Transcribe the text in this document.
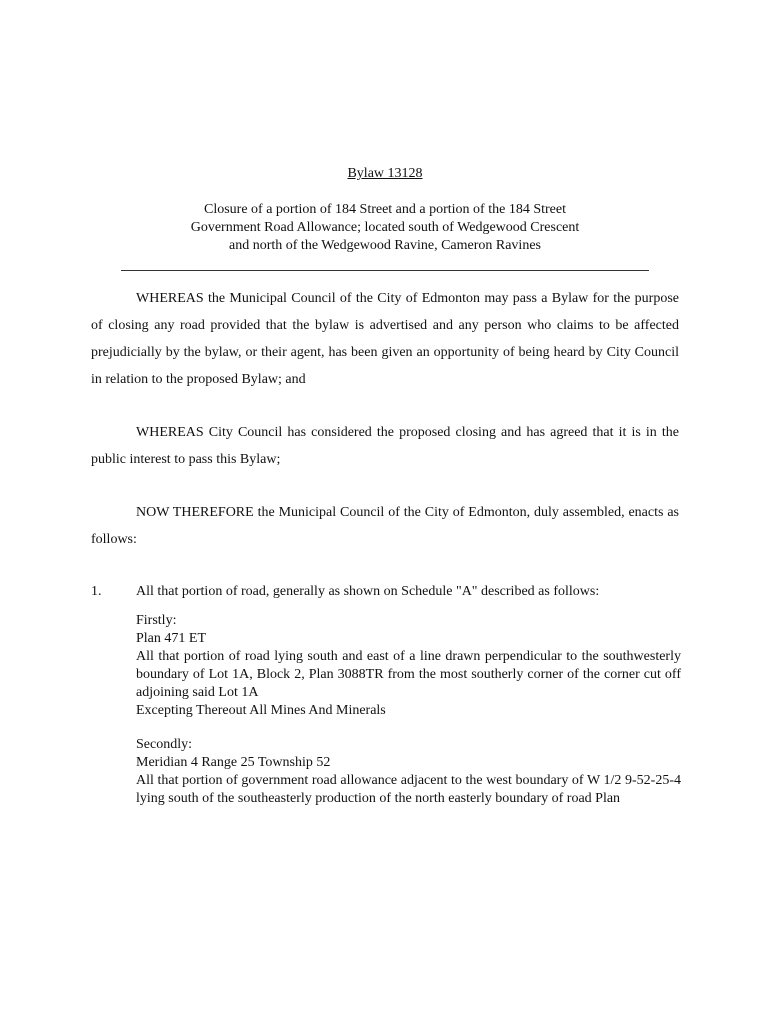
Bylaw 13128
Closure of a portion of 184 Street and a portion of the 184 Street
Government Road Allowance; located south of Wedgewood Crescent
and north of the Wedgewood Ravine, Cameron Ravines

WHEREAS the Municipal Council of the City of Edmonton may pass a Bylaw for the purpose of closing any road provided that the bylaw is advertised and any person who claims to be affected prejudicially by the bylaw, or their agent, has been given an opportunity of being heard by City Council in relation to the proposed Bylaw; and

WHEREAS City Council has considered the proposed closing and has agreed that it is in the public interest to pass this Bylaw;

NOW THEREFORE the Municipal Council of the City of Edmonton, duly assembled, enacts as follows:

1. All that portion of road, generally as shown on Schedule "A" described as follows:
Firstly:
Plan 471 ET
All that portion of road lying south and east of a line drawn perpendicular to the southwesterly boundary of Lot 1A, Block 2, Plan 3088TR from the most southerly corner of the corner cut off adjoining said Lot 1A
Excepting Thereout All Mines And Minerals
Secondly:
Meridian 4 Range 25 Township 52
All that portion of government road allowance adjacent to the west boundary of W 1/2 9-52-25-4 lying south of the southeasterly production of the north easterly boundary of road Plan
